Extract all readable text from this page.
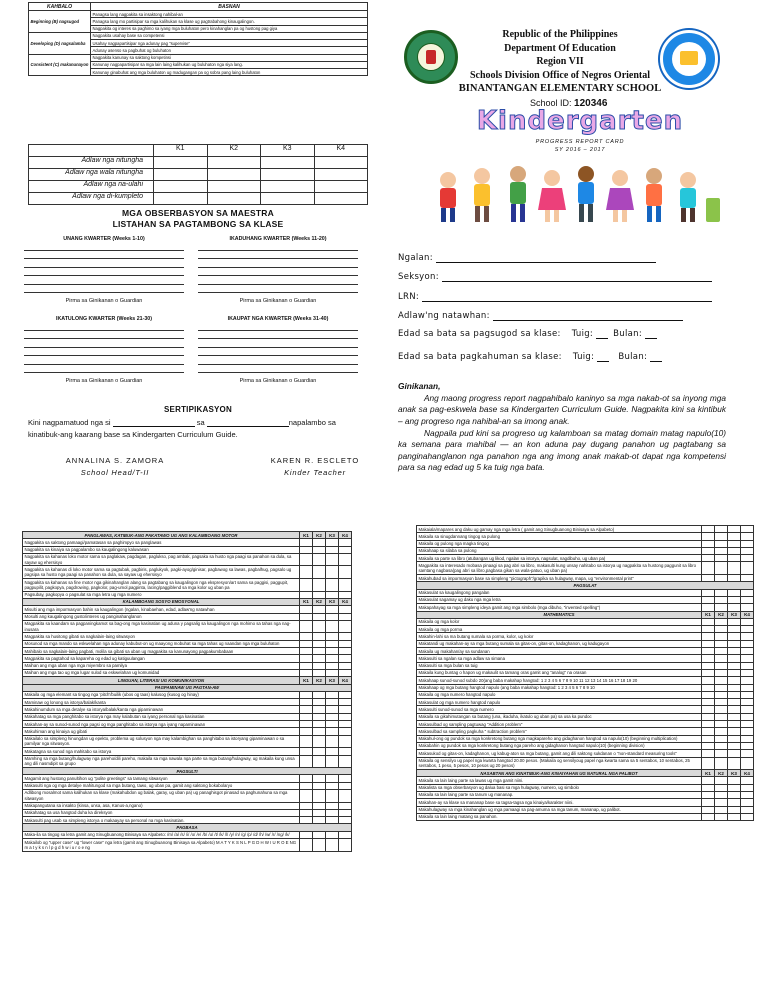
KAHBALO	BASNAN
Beginning (B) nagsugod	Panagsa lang nagpakita sa insaktong nahibal-an
	Panagsa lang mo partisipar sa mga kalihukan sa klase ug pagtrabahong kinaugalingon.
	Nagpakita og interes sa paghimo sa iyang mga buluhaton pero kinahanglan pa og hustong pag giya
Developing (D) nagsalamba	Nagpakita usahay base sa competensi
	Usahay nagpapartisipar nga adunay pag "supervise"
	Adunay asenso sa pagbuhat og buluhaton
Consistent (C) makanunayon	Nagpakita kanunay sa saktong kompetinsi
	Kanunay nagpapartisipar sa mga lain laing kalihukan ug buluhaton nga siya lang.
	Kanunay ginabuhat ang mga buluhaton ug madugangan pa og sobra pang laing buluhaton
	K1	K2	K3	K4
Adlaw nga nitungha				
Adlaw nga wala nitungha				
Adlaw nga na-ulahi				
Adlaw nga di-kumpleto				
MGA OBSERBASYON SA MAESTRA
LISTAHAN SA PAGTAMBONG SA KLASE
UNANG KWARTER (Weeks 1-10)
Pirma sa Ginikanan o Guardian
IKADUHANG KWARTER (Weeks 11-20)
Pirma sa Ginikanan o Guardian
IKATULONG KWARTER (Weeks 21-30)
Pirma sa Ginikanan o Guardian
IKAUPAT NGA KWARTER (Weeks 31-40)
Pirma sa Ginikanan o Guardian
SERTIPIKASYON
Kini nagpamatuod nga si	sa	napalambo sa
kinatibuk-ang kaarang base sa Kindergarten Curriculum Guide.
ANNALINA S. ZAMORA
School Head/T-II
KAREN R. ESCLETO
Kinder Teacher
Republic of the Philippines
Department Of Education
Region VII
Schools Division Office of Negros Oriental
BINANTANGAN ELEMENTARY SCHOOL
School ID: 120346
Kindergarten
PROGRESS REPORT CARD
SY 2016 – 2017
Ngalan:
Seksyon:
LRN:
Adlaw'ng natawhan:
Edad sa bata sa pagsugod sa klase: Tuig: Bulan:
Edad sa bata pagkahuman sa klase: Tuig:	Bulan:
Ginikanan,
Ang maong progress report nagpahibalo kaninyo sa mga nakab-ot sa inyong mga anak sa pag-eskwela base sa Kindergarten Curriculum Guide. Nagpakita kini sa kintibuk – ang progreso nga nahibal-an sa imong anak.
Nagpaila pud kini sa progreso ug kalamboan sa matag domain matag napulo(10) ka semana para mahibal — an kon aduna pay dugang panahon ug pagtabang sa panginahanglanon nga panahon nga ang imong anak makab-ot dapat nga kompetensi para sa nag edad ug 5 ka tuig nga bata.
PANGLAWAS, KATIBUK-ANG PAKATAWO UG ANG KALAMBOANG MOTOR	K1	K2	K3	K4
Nagpakita sa saktong pamaagi/pamatasan sa paghimpyo sa panglawas				
Nagpakita sa kinaiya sa pagpalambo sa kaugalingong kaluwasan				
Nagpakita sa kahanas loko motor sama sa paglakaw, pagdagan, paglukso, pag ambak, pagsaka sa husto nga paagi sa panahon sa dula, sa sayaw ug ehersisyo				
Nagpakita sa kahanas di loko motor sama sa pagtubak, pagbiris, paglukyok, pagki-ayog/ginisar, pagbawog sa lawas, pagbalhug, pagsalo ug pagsipa sa husto nga paagi sa panahon sa dula, sa sayaw ug ehersisyo				
Nagpakita sa kahanas sa fine motor nga gikinahanglan alang sa pagtabang sa kaugalingon nga ekspresyon/art sama sa paggisi, paggupit, pagpupilit, pagkopya, pagdrowing, pagkolor, pag-umol,pagpinta, lacing/paggiblend sa mga kolor ug uban pa				
Pagsubay, pagkopya o pagsulat sa mga letra ug mga numero				
KALAMBOANG SOSYO EMOSYONAL	K1	K2	K3	K4
Misulti ang mga impormasyon bahin sa kaugalingon (ngalan, kinabaehan, edad, adlaw'ng natawhan				
Mosulti ang kaugalingong gusto/interes ug panginahanglanon				
Magpakita sa kaandam sa pagpaningkamot sa bag-ong mga kasinatian ug aduna y pagsalig sa kaugalingon nga mohimo sa tahas nga nag-inusara				
Magpakita sa husitong gibati sa nagkalain-laing sitwasyon				
Mosunod sa mga mando sa eskwelahan nga adunay kabubut-on ug maayong mobuhat sa mga tahas ug naandan nga mga buluhaton				
Mahibalo sa nagkalain-laing pagbati, molila sa gibati sa uban ug magpakita sa kanunayong pagpakumbabaan				
Magpakita sa pagtahod sa kapareha og edad ug katiguulangan				
Maihan ang mga uban nga mga miyembro sa pamilya				
Maihan ang mga tao ug mga lugar sulod sa eskwelahan ug komunidad				
LINGUAN, LITERASI UG KOMUNIKASYON	K1	K2	K3	K4
PAGPAMINAW UG PAGTAN-AW				
Makaila og mga elemant sa tingog nga 'pitch'/builik (ubos og taas) kalusog (kusog og hinay)				
Maminaw og lonong sa istorya/balak/kanta				
Makahinumdum sa mga detalye sa istorya/balak/kanta nga gipaminawan				
Makahatag sa mga panghitabo sa istorya nga may kalabutan sa iyang personal nga kasinatian				
Makahan-ay sa sunod-sunod nga pagsi og mga panghitabo sa istorya nga iyang napaminawan				
Makuhiman ang kinaiya ug gibati				
Makailalo sa simpleng hinungdan ug epekto, problema ug solusyon nga may kalambighan sa panghitabo sa istoryang gipaminawan o sa pamilyar nga sitwasyon.				
Makatagna sa sunod nga mahitabo sa istorya				
Mamhing sa mga butang/hulagway nga pareho/dili pareho, makaila sa mga nawala nga parte sa mga butang/hulagway, ug makaila kung unsa ang dili nasmdipit sa grupo				
PAGSULTI				
Magamit ang hustong panultihon ug "polite greetings" sa tamang sitwasyon				
Makasulti nga og mga detalye mahitungod sa mga butang, tawo, ug uban pa, gamit ang saktong bokabolaryo				
Adlibong mosalmot sama kalihukan sa klase (makahubdon ug balak, garay, ug uban pa) ug panaghisgot pinasad sa paghunahuna sa mga sitwasyon				
Makapangutana sa insakto (kinsa, unsa, asa, Kanus-a,ngano)				
Makahatag sa usa hangtod duha ka direksyon				
Makasulti pag usab sa simpleng istorya o makaayay sa personal na mga kasinatian.				
PAGBASA				
Maka-ila sa tingog sa letra gamit ang Sinugbuanong Binisaya sa Alpabeto: /m/ /a/ /s/ /i/ /o/ /e/ /b/ /u/ /t/ /k/ /l/ /y/ /n/ /g/ /p/ /d/ /h/ /w/ /r/ /ng/ /k/				
Makailob og "upper case" ug "lower case" nga letra (gamit ang Sinugbuanong Binisaya sa Alpabeto) M A T Y K S N L P G D H W I U R O E NG m a t y k s n l p g d h w i u r o e ng				
Makaiala/mapares ang daku ug gamay nga mga letra ( gamit ang Sinugbuanong Binisaya sa Alpabeto)				
Makaila sa sinugdannang tingog sa pulong				
Makaila og pulong nga magka tingog				
Makahaap sa silaba sa pulong				
Makaila sa parte sa libro (atubangan ug likod, ngalan sa istorya, nagsulat, nagdibuho, ug uban pa)				
Magpakita sa interesado mobasa pinaagi sa pag abri sa libro, makasulti kung unsay nahitabo sa istorya ug nagpakita sa hustong paggunit sa libro samtang nagbasa(pag abri sa libro,pagbasa gikan sa wala-patuo, ug uban pa)				
Makahubad sa impormasyon base sa simpleng "pictograph"/grapika sa hulagway, mapa, ug "environmental print"				
PAGSULAT				
Makasulat sa kaugalingong pangalan				
Makasulat sagamay ug daku nga mga letra				
Makapahayag sa mga simpleng ideya gamit ang mga simbolo (mga dibuho, "invented spelling")				
MATHEMATICS	K1	K2	K3	K4
Makaila og mga kolor				
Makaila og mga porma				
Makahin-lahi sa ma butang sumala sa porma, kolor, ug kolor				
Makatandi ug makahan-ay sa mga butang sumala sa gitas-on, gitas-on, kadaghanon, ug kadugayon				
Makaila ug makahan/ay sa sundanan				
Makasulti sa ngalan sa mga adlaw sa simana				
Makasulti sa mga bulan sa tuig				
Makaila kung buntag o hapon ug makaulit sa tamang oras gamit ang "analog" na orasan				
Makahaap sunod-sunod subdo 20(ang baba makahap hangtod: 1 2 3 4 5 6 7 8 9 10 11 12 13 14 15 16 17 18 19 20				
Makahaap og mga butang hangtod napulo (ang baba makahap hangtod: 1 2 3 4 5 6 7 8 9 10				
Makaila og mga numero hangtod napulo				
Makasulat og mga numero hangtod napulo				
Makasulti sunod-sunod sa mga numero				
Makaila sa gikahimutangan sa butang (una, ikaduha, ikatulo ug uban pa) sa usa ka pundoc				
Makasulbad og sampling pagtuwag "Addition problem"				
Makasulbad sa sampling pagkuha " subtraction problem"				
Makahul-ong og pundok sa mga konkretong butang nga magkapareho ang gidaghanon hangtod sa napulo(10) (beginning multiplication)				
Makabahin og pundok sa mga konkretong butang nga pareho ang gidaghanon hangtod napulo(10) (beginning division)				
Makasukod og gitas-on, kadaghanon, ug kabug-aton sa mga butang, gamit ang dili saktong sukdanan o "non-standard measuring tools"				
Makaila og sensilyo ug papel nga kwarta hangtod 20.00 pesos. (Makaila og sensilyoug papel nga kwarta sama sa 5 sentabos, 10 sentabos, 25 sentabos, 1 peso, 5 pesos, 10 pesos ug 20 pesos)				
NASABTAN ANG KINATIBUK-ANG KINAIYAHAN UG NATURAL NGA PALIBOT	K1	K2	K3	K4
Makaila sa lain laing parte sa lawas ug mga gamit niini.				
Makalista sa mga obserbasyon ug dalua basi sa mga hulagway, numero, ug simbolo				
Makaila sa lain laing parte sa tanum ug mananap.				
Makahan-ay sa klase sa mananap base sa tagsa-tagsa nga kinaiya/karakter niini.				
Makahulagway sa mga kinahanglan ug mga pamaagi sa pag-amuma sa mga tanum, mananap, ug palibot.				
Makaila sa lain laing matang sa panahon.				
